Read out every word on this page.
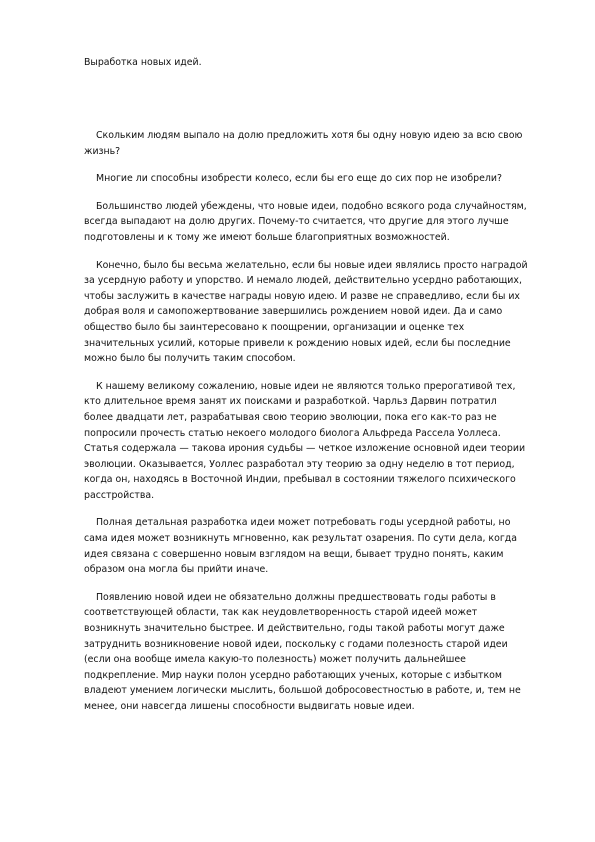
Выработка новых идей.

Скольким людям выпало на долю предложить хотя бы одну новую идею за всю свою жизнь?

Многие ли способны изобрести колесо, если бы его еще до сих пор не изобрели?

Большинство людей убеждены, что новые идеи, подобно всякого рода случайностям, всегда выпадают на долю других. Почему-то считается, что другие для этого лучше подготовлены и к тому же имеют больше благоприятных возможностей.

Конечно, было бы весьма желательно, если бы новые идеи являлись просто наградой за усердную работу и упорство. И немало людей, действительно усердно работающих, чтобы заслужить в качестве награды новую идею. И разве не справедливо, если бы их добрая воля и самопожертвование завершились рождением новой идеи. Да и само общество было бы заинтересовано к поощрении, организации и оценке тех значительных усилий, которые привели к рождению новых идей, если бы последние можно было бы получить таким способом.

К нашему великому сожалению, новые идеи не являются только прерогативой тех, кто длительное время занят их поисками и разработкой. Чарльз Дарвин потратил более двадцати лет, разрабатывая свою теорию эволюции, пока его как-то раз не попросили прочесть статью некоего молодого биолога Альфреда Рассела Уоллеса. Статья содержала — такова ирония судьбы — четкое изложение основной идеи теории эволюции. Оказывается, Уоллес разработал эту теорию за одну неделю в тот период, когда он, находясь в Восточной Индии, пребывал в состоянии тяжелого психического расстройства.

Полная детальная разработка идеи может потребовать годы усердной работы, но сама идея может возникнуть мгновенно, как результат озарения. По сути дела, когда идея связана с совершенно новым взглядом на вещи, бывает трудно понять, каким образом она могла бы прийти иначе.

Появлению новой идеи не обязательно должны предшествовать годы работы в соответствующей области, так как неудовлетворенность старой идеей может возникнуть значительно быстрее. И действительно, годы такой работы могут даже затруднить возникновение новой идеи, поскольку с годами полезность старой идеи (если она вообще имела какую-то полезность) может получить дальнейшее подкрепление. Мир науки полон усердно работающих ученых, которые с избытком владеют умением логически мыслить, большой добросовестностью в работе, и, тем не менее, они навсегда лишены способности выдвигать новые идеи.
